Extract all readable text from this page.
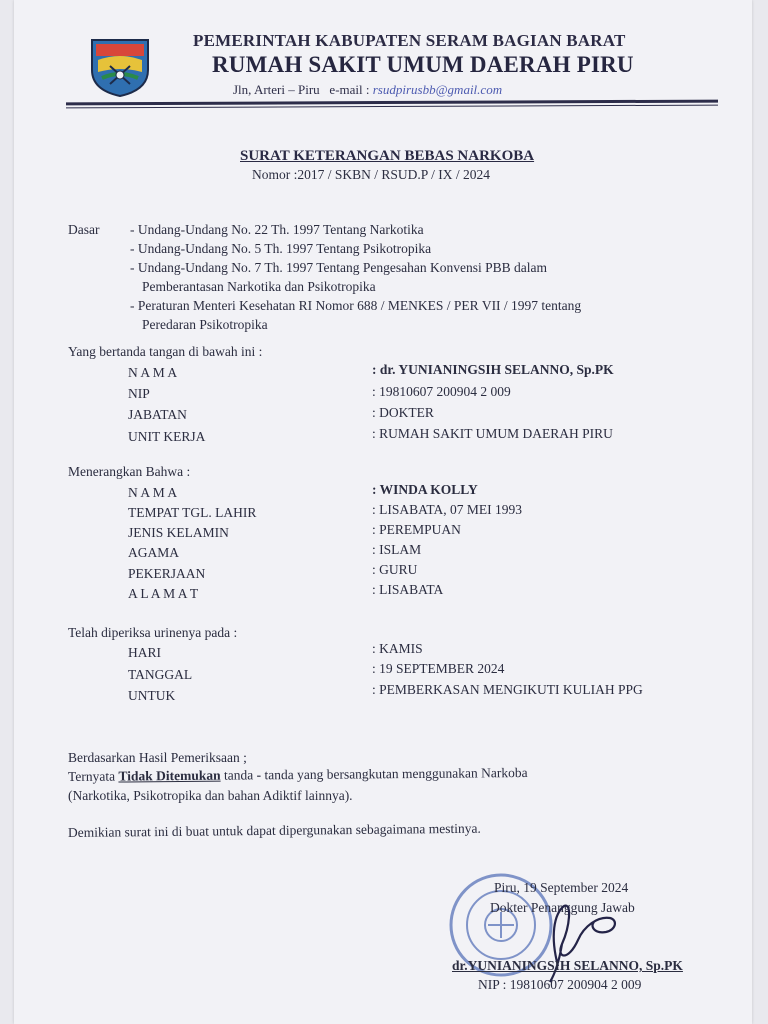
PEMERINTAH KABUPATEN SERAM BAGIAN BARAT
RUMAH SAKIT UMUM DAERAH PIRU
Jln, Arteri – Piru e-mail : rsudpirusbb@gmail.com
SURAT KETERANGAN BEBAS NARKOBA
Nomor :2017 / SKBN / RSUD.P / IX / 2024
Dasar - Undang-Undang No. 22 Th. 1997 Tentang Narkotika
- Undang-Undang No. 5 Th. 1997 Tentang Psikotropika
- Undang-Undang No. 7 Th. 1997 Tentang Pengesahan Konvensi PBB dalam
Pemberantasan Narkotika dan Psikotropika
- Peraturan Menteri Kesehatan RI Nomor 688 / MENKES / PER VII / 1997 tentang
Peredaran Psikotropika
Yang bertanda tangan di bawah ini :
N A M A	: dr. YUNIANINGSIH SELANNO, Sp.PK
NIP	: 19810607 200904 2 009
JABATAN	: DOKTER
UNIT KERJA	: RUMAH SAKIT UMUM DAERAH PIRU
Menerangkan Bahwa :
N A M A	: WINDA KOLLY
TEMPAT TGL. LAHIR	: LISABATA, 07 MEI 1993
JENIS KELAMIN	: PEREMPUAN
AGAMA	: ISLAM
PEKERJAAN	: GURU
A L A M A T	: LISABATA
Telah diperiksa urinenya pada :
HARI	: KAMIS
TANGGAL	: 19 SEPTEMBER 2024
UNTUK	: PEMBERKASAN MENGIKUTI KULIAH PPG
Berdasarkan Hasil Pemeriksaan ;
Ternyata Tidak Ditemukan tanda - tanda yang bersangkutan menggunakan Narkoba
(Narkotika, Psikotropika dan bahan Adiktif lainnya).
Demikian surat ini di buat untuk dapat dipergunakan sebagaimana mestinya.
Piru, 19 September 2024
Dokter Penanggung Jawab
dr.YUNIANINGSIH SELANNO, Sp.PK
NIP : 19810607 200904 2 009
